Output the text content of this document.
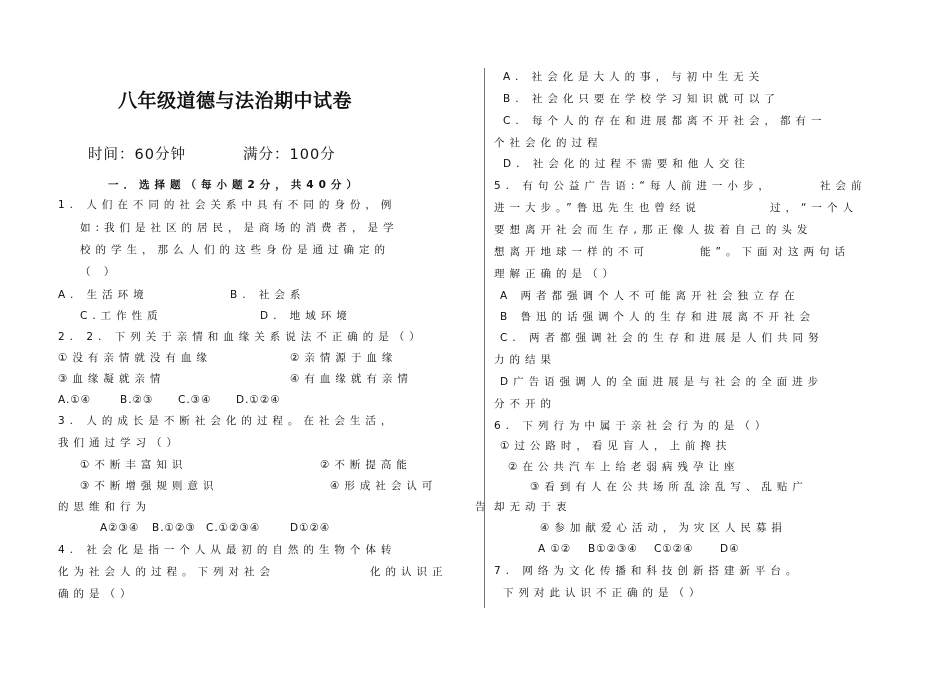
八年级道德与法治期中试卷
时间：60分钟	满分：100分
一．选择题（每小题2分，共40分）
1. 人们在不同的社会关系中具有不同的身份，例
如:我们是社区的居民，是商场的消费者，是学
校的学生，那么人们的这些身份是通过确定的
（ ）
A. 生活环境	B. 社会系
C.工作性质	D. 地域环境
2. 2. 下列关于亲情和血缘关系说法不正确的是（）
①没有亲情就没有血缘	②亲情源于血缘
③血缘凝就亲情	④有血缘就有亲情
A.①④	B.②③ C.③④ D.①②④
3. 人的成长是不断社会化的过程。在社会生活，
我们通过学习（）
①不断丰富知识	②不断提高能
③不断增强规则意识	④形成社会认可
的思维和行为
A②③④ B.①②③ C.①②③④	D①②④
4. 社会化是指一个人从最初的自然的生物个体转
化为社会人的过程。下列对社会	化的认识正
确的是（）
告
A. 社会化是大人的事，与初中生无关
B. 社会化只要在学校学习知识就可以了
C. 每个人的存在和进展都离不开社会，都有一
个社会化的过程
D. 社会化的过程不需要和他人交往
5. 有句公益广告语:“每人前进一小步，	社会前
进一大步。”鲁迅先生也曾经说	过，“一个人
要想离开社会而生存,那正像人拔着自己的头发
想离开地球一样的不可	能”。下面对这两句话
理解正确的是（）
A 两者都强调个人不可能离开社会独立存在
B 鲁迅的话强调个人的生存和进展离不开社会
C. 两者都强调社会的生存和进展是人们共同努
力的结果
D广告语强调人的全面进展是与社会的全面进步
分不开的
6. 下列行为中属于亲社会行为的是（）
①过公路时，看见盲人，上前搀扶
②在公共汽车上给老弱病残孕让座
③看到有人在公共场所乱涂乱写、乱贴广
却无动于衷
④参加献爱心活动，为灾区人民募捐
A ①② B①②③④ C①②④	D④
7. 网络为文化传播和科技创新搭建新平台。
下列对此认识不正确的是（）
